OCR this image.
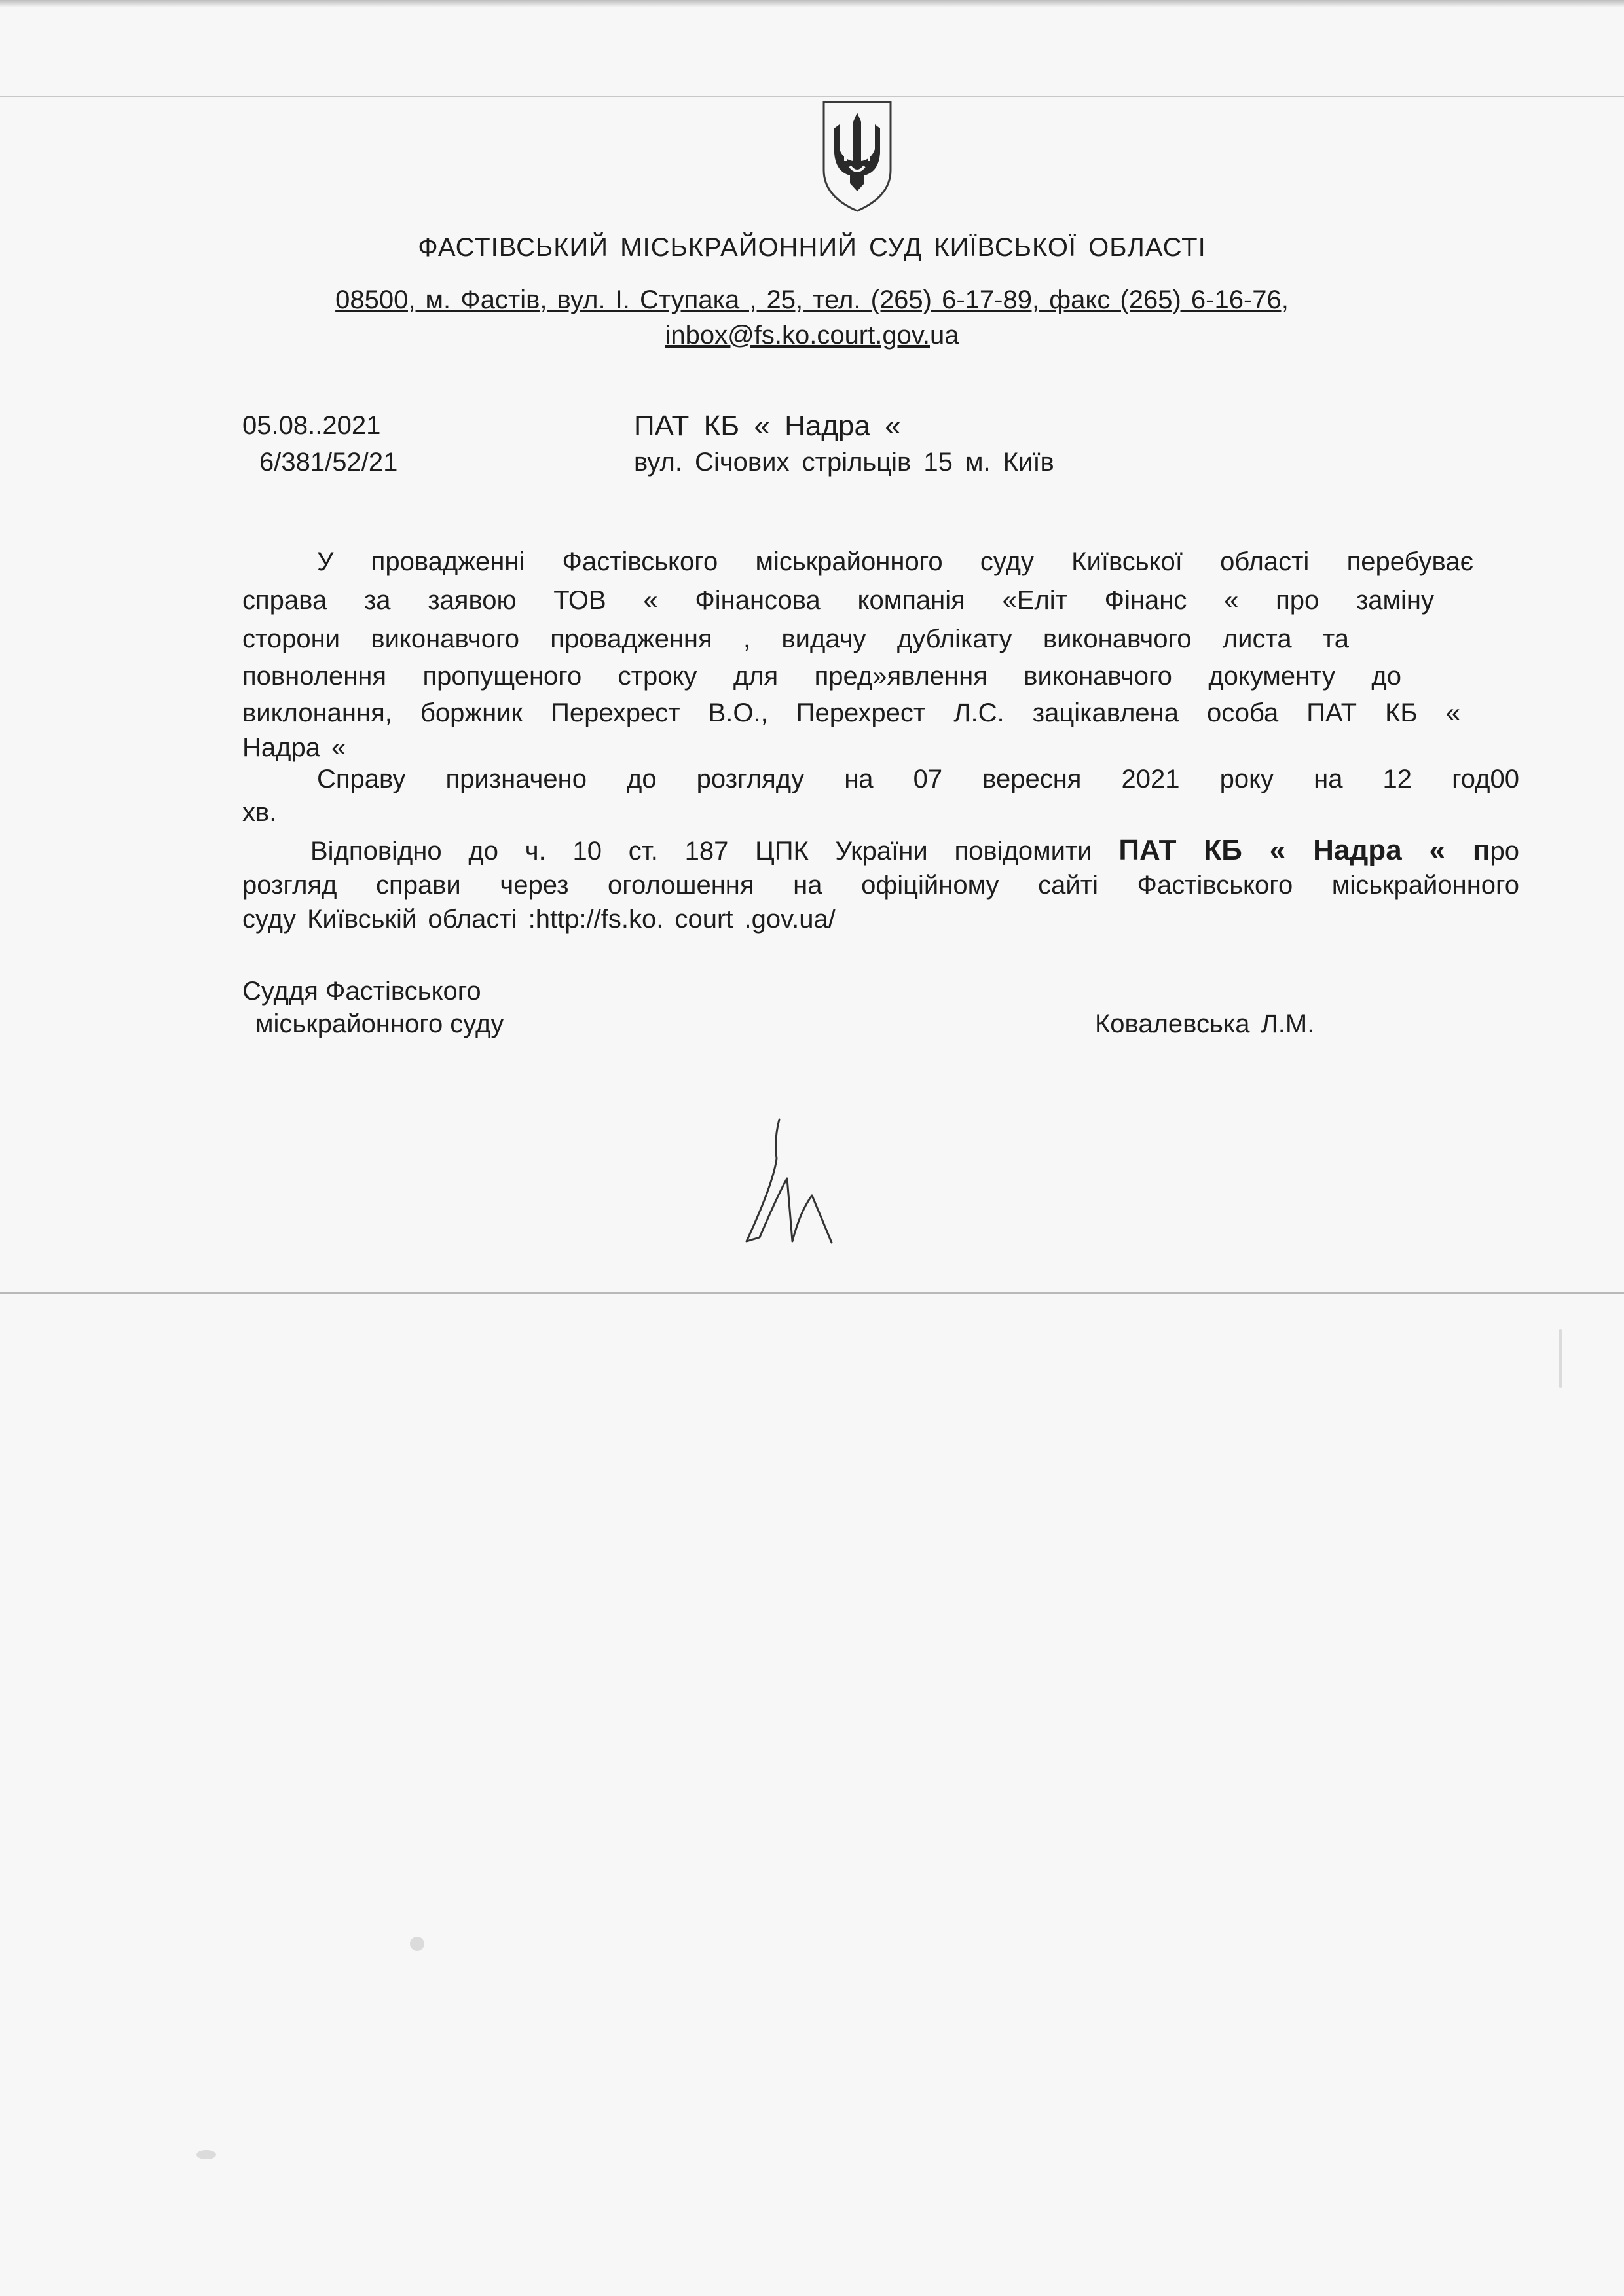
ФАСТІВСЬКИЙ МІСЬКРАЙОННИЙ СУД КИЇВСЬКОЇ ОБЛАСТІ
08500, м. Фастів, вул. І. Ступака , 25, тел. (265) 6-17-89, факс (265) 6-16-76,
inbox@fs.ko.court.gov.ua
05.08..2021
6/381/52/21
ПАТ КБ « Надра «
вул. Січових стрільців 15 м. Київ
У провадженні Фастівського міськрайонного суду Київської області перебуває
справа за заявою ТОВ « Фінансова компанія «Еліт Фінанс « про заміну
сторони виконавчого провадження , видачу дублікату виконавчого листа та
повнолення пропущеного строку для пред»явлення виконавчого документу до
виклонання, боржник Перехрест В.О., Перехрест Л.С. зацікавлена особа ПАТ КБ «
Надра «
Справу призначено до розгляду на 07 вересня 2021 року на 12 год00
хв.
Відповідно до ч. 10 ст. 187 ЦПК України повідомити ПАТ КБ « Надра « про
розгляд справи через оголошення на офіційному сайті Фастівського міськрайонного
суду Київській області :http://fs.ko. court .gov.ua/
Суддя Фастівського
міськрайонного суду	Ковалевська Л.М.
